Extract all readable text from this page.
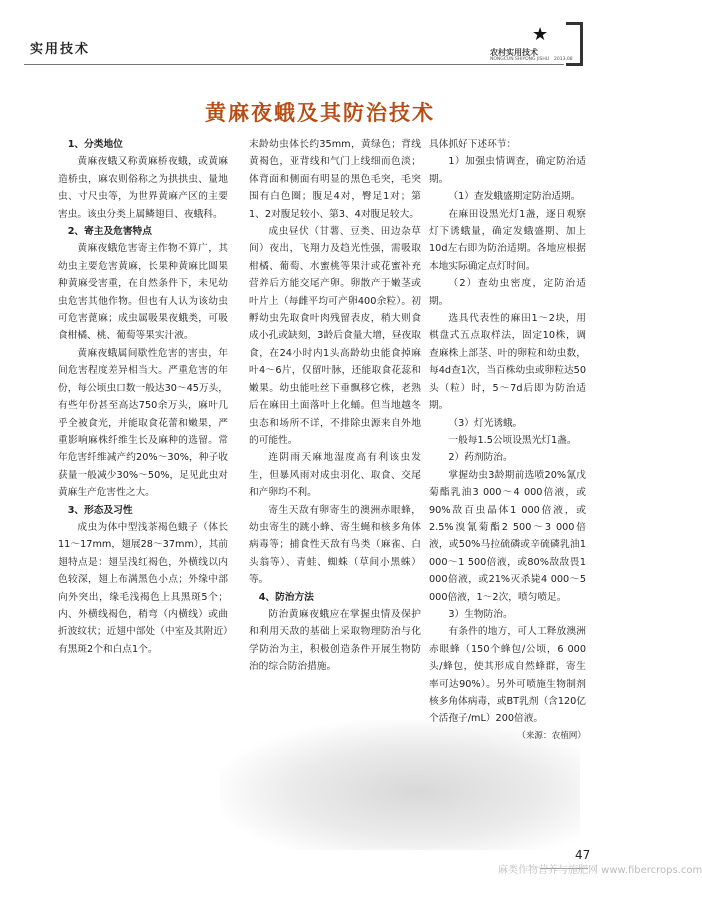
实用技术
★
农村实用技术
NONGCUN SHIYONG JISHU 2013.08
黄麻夜蛾及其防治技术

1、分类地位

黄麻夜蛾又称黄麻桥夜蛾，或黄麻造桥虫，麻农则俗称之为拱拱虫、量地虫、寸尺虫等，为世界黄麻产区的主要害虫。该虫分类上属鳞翅目、夜蛾科。

2、寄主及危害特点

黄麻夜蛾危害寄主作物不算广，其幼虫主要危害黄麻，长果种黄麻比圆果种黄麻受害重，在自然条件下，未见幼虫危害其他作物。但也有人认为该幼虫可危害蓖麻；成虫属吸果夜蛾类，可吸食柑橘、桃、葡萄等果实汁液。

黄麻夜蛾属间歇性危害的害虫，年间危害程度差异相当大。严重危害的年份，每公顷虫口数一般达30～45万头，有些年份甚至高达750余万头，麻叶几乎全被食光，并能取食花蕾和嫩果，严重影响麻株纤维生长及麻种的选留。常年危害纤维减产约20%～30%，种子收获量一般减少30%～50%，足见此虫对黄麻生产危害性之大。

3、形态及习性

成虫为体中型浅茶褐色蛾子（体长11～17mm，翅展28～37mm），其前翅特点是：翅呈浅红褐色，外横线以内色较深，翅上布满黑色小点；外缘中部向外突出，缘毛浅褐色上具黑斑5个；内、外横线褐色，稍弯（内横线）或曲折波纹状；近翅中部处（中室及其附近）有黑斑2个和白点1个。

末龄幼虫体长约35mm，黄绿色；背线黄褐色，亚背线和气门上线细而色淡；体背面和侧面有明显的黑色毛突，毛突围有白色圈；腹足4对，臀足1对；第1、2对腹足较小、第3、4对腹足较大。

成虫昼伏（甘薯、豆类、田边杂草间）夜出，飞翔力及趋光性强，需吸取柑橘、葡萄、水蜜桃等果汁或花蜜补充营养后方能交尾产卵。卵散产于嫩茎或叶片上（每雌平均可产卵400余粒）。初孵幼虫先取食叶肉残留表皮，稍大则食成小孔或缺刻，3龄后食量大增，昼夜取食，在24小时内1头高龄幼虫能食掉麻叶4～6片，仅留叶脉，还能取食花蕊和嫩果。幼虫能吐丝下垂飘移它株，老熟后在麻田土面落叶上化蛹。但当地越冬虫态和场所不详，不排除虫源来自外地的可能性。

连阴雨天麻地湿度高有利该虫发生，但暴风雨对成虫羽化、取食、交尾和产卵均不利。

寄生天敌有卵寄生的澳洲赤眼蜂，幼虫寄生的跳小蜂、寄生蝇和核多角体病毒等；捕食性天敌有鸟类（麻雀、白头翁等）、青蛙、蜘蛛（草间小黑蛛）等。

4、防治方法

防治黄麻夜蛾应在掌握虫情及保护和利用天敌的基础上采取物理防治与化学防治为主，积极创造条件开展生物防治的综合防治措施。

具体抓好下述环节：

1）加强虫情调查，确定防治适期。

（1）查发蛾盛期定防治适期。

在麻田设黑光灯1盏，逐日观察灯下诱蛾量，确定发蛾盛期、加上10d左右即为防治适期。各地应根据本地实际确定点灯时间。

（2）查幼虫密度，定防治适期。

选具代表性的麻田1～2块，用棋盘式五点取样法，固定10株，调查麻株上部茎、叶的卵粒和幼虫数，每4d查1次，当百株幼虫或卵粒达50头（粒）时，5～7d后即为防治适期。

（3）灯光诱蛾。

一般每1.5公顷设黑光灯1盏。

2）药剂防治。

掌握幼虫3龄期前选喷20%氰戊菊酯乳油3 000～4 000倍液，或90%敌百虫晶体1 000倍液，或2.5%溴氰菊酯2 500～3 000倍液，或50%马拉硫磷或辛硫磷乳油1 000～1 500倍液，或80%敌敌畏1 000倍液，或21%灭杀毙4 000～5 000倍液，1～2次，喷匀喷足。

3）生物防治。

有条件的地方，可人工释放澳洲赤眼蜂（150个蜂包/公顷，6 000头/蜂包，使其形成自然蜂群，寄生率可达90%）。另外可喷施生物制剂核多角体病毒，或BT乳剂（含120亿个活孢子/mL）200倍液。

（来源：农植网）

47
麻类作物营养与施肥网 www.fibercrops.com
